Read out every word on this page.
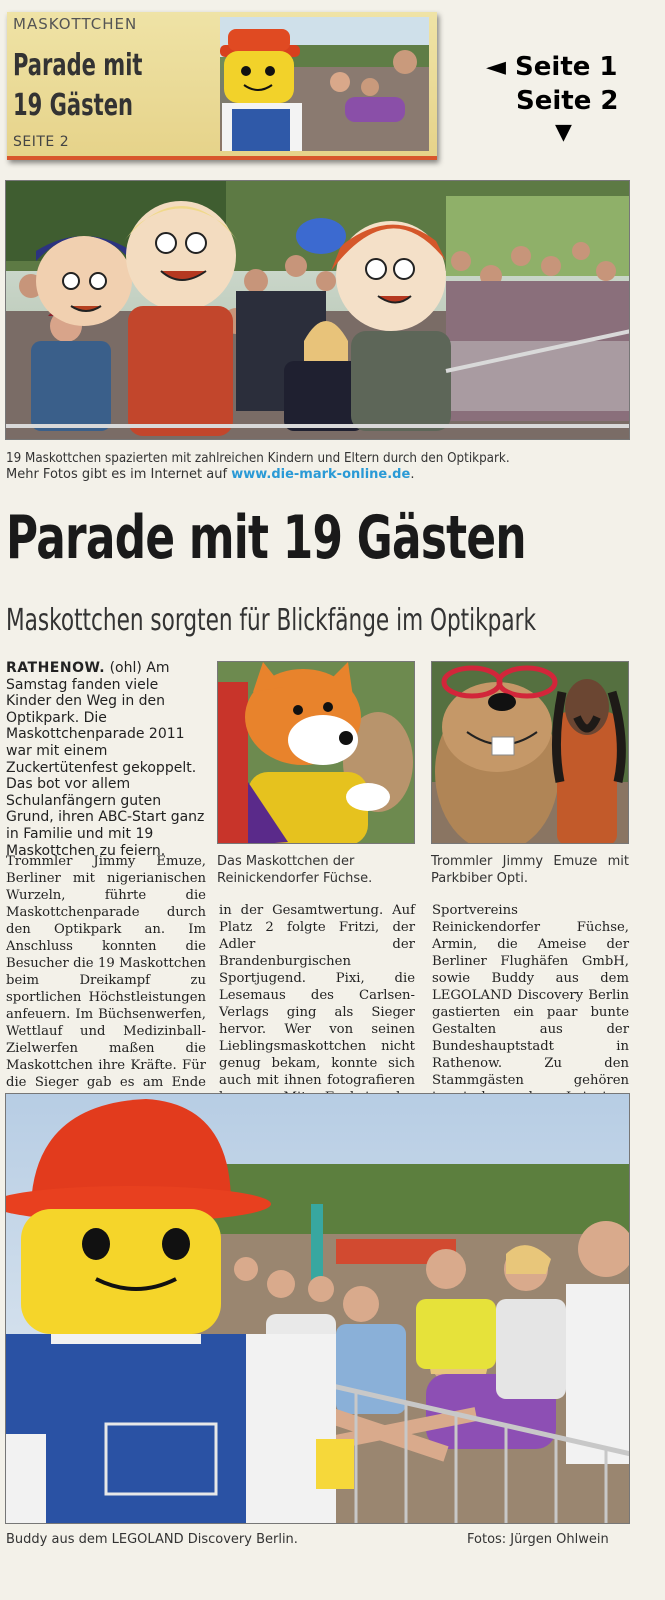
MASKOTTCHEN
Parade mit 19 Gästen
SEITE 2
◄ Seite 1
Seite 2
▼
19 Maskottchen spazierten mit zahlreichen Kindern und Eltern durch den Optikpark.
Mehr Fotos gibt es im Internet auf www.die-mark-online.de.
Parade mit 19 Gästen
Maskottchen sorgten für Blickfänge im Optikpark
RATHENOW. (ohl) Am Samstag fanden viele Kinder den Weg in den Optikpark. Die Maskottchenparade 2011 war mit einem Zuckertütenfest gekoppelt. Das bot vor allem Schulanfängern guten Grund, ihren ABC-Start ganz in Familie und mit 19 Maskottchen zu feiern.
Das Maskottchen der Reinickendorfer Füchse.
Trommler Jimmy Emuze mit Parkbiber Opti.
Trommler Jimmy Emuze, Berliner mit nigerianischen Wurzeln, führte die Maskottchenparade durch den Optikpark an. Im Anschluss konnten die Besucher die 19 Maskottchen beim Dreikampf zu sportlichen Höchstleistungen anfeuern. Im Büchsenwerfen, Wettlauf und Medizinball-Zielwerfen maßen die Maskottchen ihre Kräfte. Für die Sieger gab es am Ende
in der Gesamtwertung. Auf Platz 2 folgte Fritzi, der Adler der Brandenburgischen Sportjugend. Pixi, die Lesemaus des Carlsen-Verlags ging als Sieger hervor. Wer von seinen Lieblingsmaskottchen nicht genug bekam, konnte sich auch mit ihnen fotografieren
Sportvereins Reinickendorfer Füchse, Armin, die Ameise der Berliner Flughäfen GmbH, sowie Buddy aus dem LEGOLAND Discovery Berlin gastierten ein paar bunte Gestalten aus der Bundeshauptstadt in Rathenow. Zu den Stammgästen gehören
Buddy aus dem LEGOLAND Discovery Berlin.	Fotos: Jürgen Ohlwein
